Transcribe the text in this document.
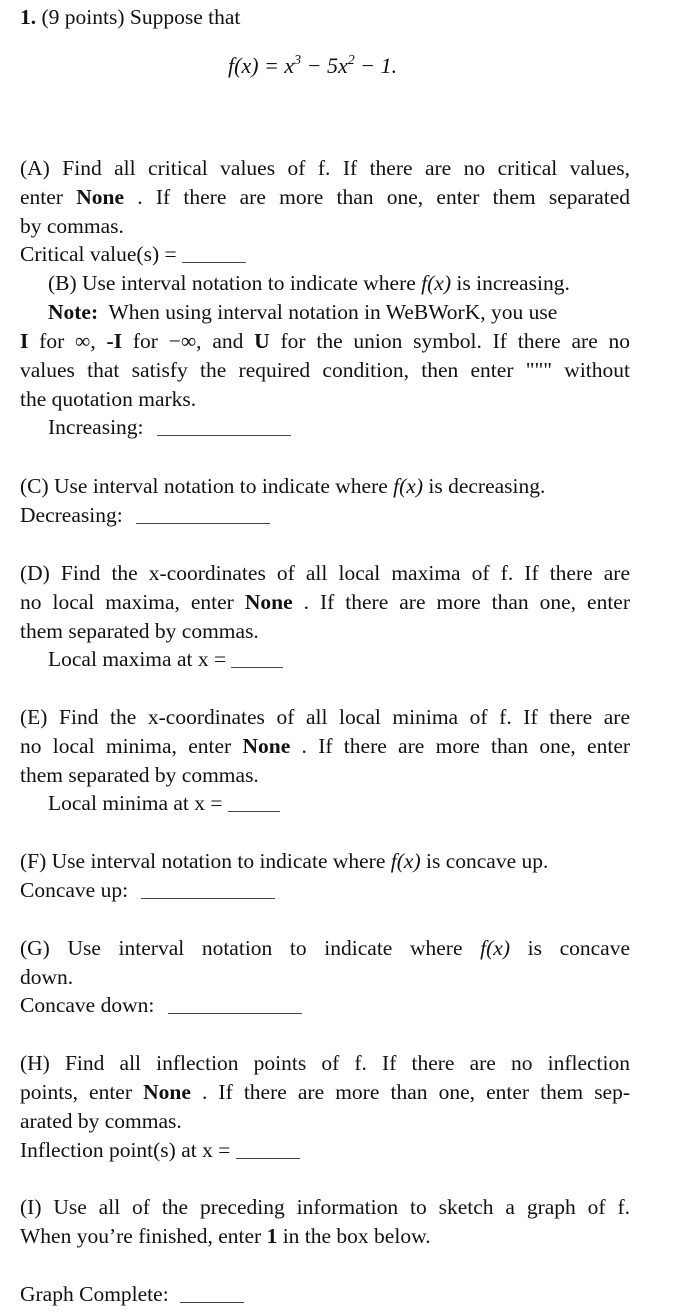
1. (9 points) Suppose that
$f(x) = x^3 - 5x^2 - 1$.
(A) Find all critical values of f. If there are no critical values,
enter None . If there are more than one, enter them separated
by commas.
Critical value(s) =
(B) Use interval notation to indicate where f(x) is increasing.
Note: When using interval notation in WeBWorK, you use
I for ∞, -I for −∞, and U for the union symbol. If there are no
values that satisfy the required condition, then enter """ without
the quotation marks.
Increasing:
(C) Use interval notation to indicate where f(x) is decreasing.
Decreasing:
(D) Find the x-coordinates of all local maxima of f. If there are
no local maxima, enter None . If there are more than one, enter
them separated by commas.
Local maxima at x =
(E) Find the x-coordinates of all local minima of f. If there are
no local minima, enter None . If there are more than one, enter
them separated by commas.
Local minima at x =
(F) Use interval notation to indicate where f(x) is concave up.
Concave up:
(G) Use interval notation to indicate where f(x) is concave
down.
Concave down:
(H) Find all inflection points of f. If there are no inflection
points, enter None . If there are more than one, enter them sep-
arated by commas.
Inflection point(s) at x =
(I) Use all of the preceding information to sketch a graph of f.
When you’re finished, enter 1 in the box below.
Graph Complete:
